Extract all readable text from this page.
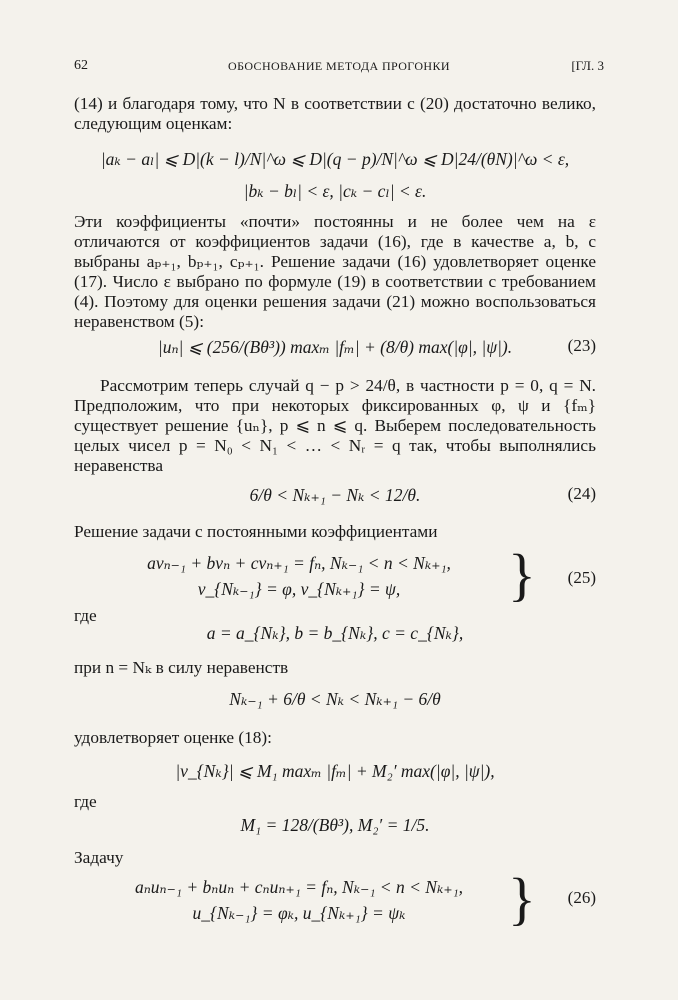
62	ОБОСНОВАНИЕ МЕТОДА ПРОГОНКИ	[ГЛ. 3
(14) и благодаря тому, что N в соответствии с (20) достаточно велико, следующим оценкам:
|aₖ − aₗ| ⩽ D|(k − l)/N|^ω ⩽ D|(q − p)/N|^ω ⩽ D|24/(θN)|^ω < ε,
|bₖ − bₗ| < ε, |cₖ − cₗ| < ε.
Эти коэффициенты «почти» постоянны и не более чем на ε отличаются от коэффициентов задачи (16), где в качестве a, b, c выбраны aₚ₊₁, bₚ₊₁, cₚ₊₁. Решение задачи (16) удовлетворяет оценке (17). Число ε выбрано по формуле (19) в соответствии с требованием (4). Поэтому для оценки решения задачи (21) можно воспользоваться неравенством (5):
|uₙ| ⩽ (256/(Bθ³)) maxₘ |fₘ| + (8/θ) max(|φ|, |ψ|).	(23)
Рассмотрим теперь случай q − p > 24/θ, в частности p = 0, q = N. Предположим, что при некоторых фиксированных φ, ψ и {fₘ} существует решение {uₙ}, p ⩽ n ⩽ q. Выберем последовательность целых чисел p = N₀ < N₁ < … < Nᵣ = q так, чтобы выполнялись неравенства
6/θ < Nₖ₊₁ − Nₖ < 12/θ.	(24)
Решение задачи с постоянными коэффициентами
avₙ₋₁ + bvₙ + cvₙ₊₁ = fₙ, Nₖ₋₁ < n < Nₖ₊₁,
v_{Nₖ₋₁} = φ, v_{Nₖ₊₁} = ψ,	} (25)
где
a = a_{Nₖ}, b = b_{Nₖ}, c = c_{Nₖ},
при n = Nₖ в силу неравенств
Nₖ₋₁ + 6/θ < Nₖ < Nₖ₊₁ − 6/θ
удовлетворяет оценке (18):
|v_{Nₖ}| ⩽ M₁ maxₘ |fₘ| + M₂′ max(|φ|, |ψ|),
где
M₁ = 128/(Bθ³), M₂′ = 1/5.
Задачу
aₙuₙ₋₁ + bₙuₙ + cₙuₙ₊₁ = fₙ, Nₖ₋₁ < n < Nₖ₊₁,
u_{Nₖ₋₁} = φₖ, u_{Nₖ₊₁} = ψₖ	} (26)
